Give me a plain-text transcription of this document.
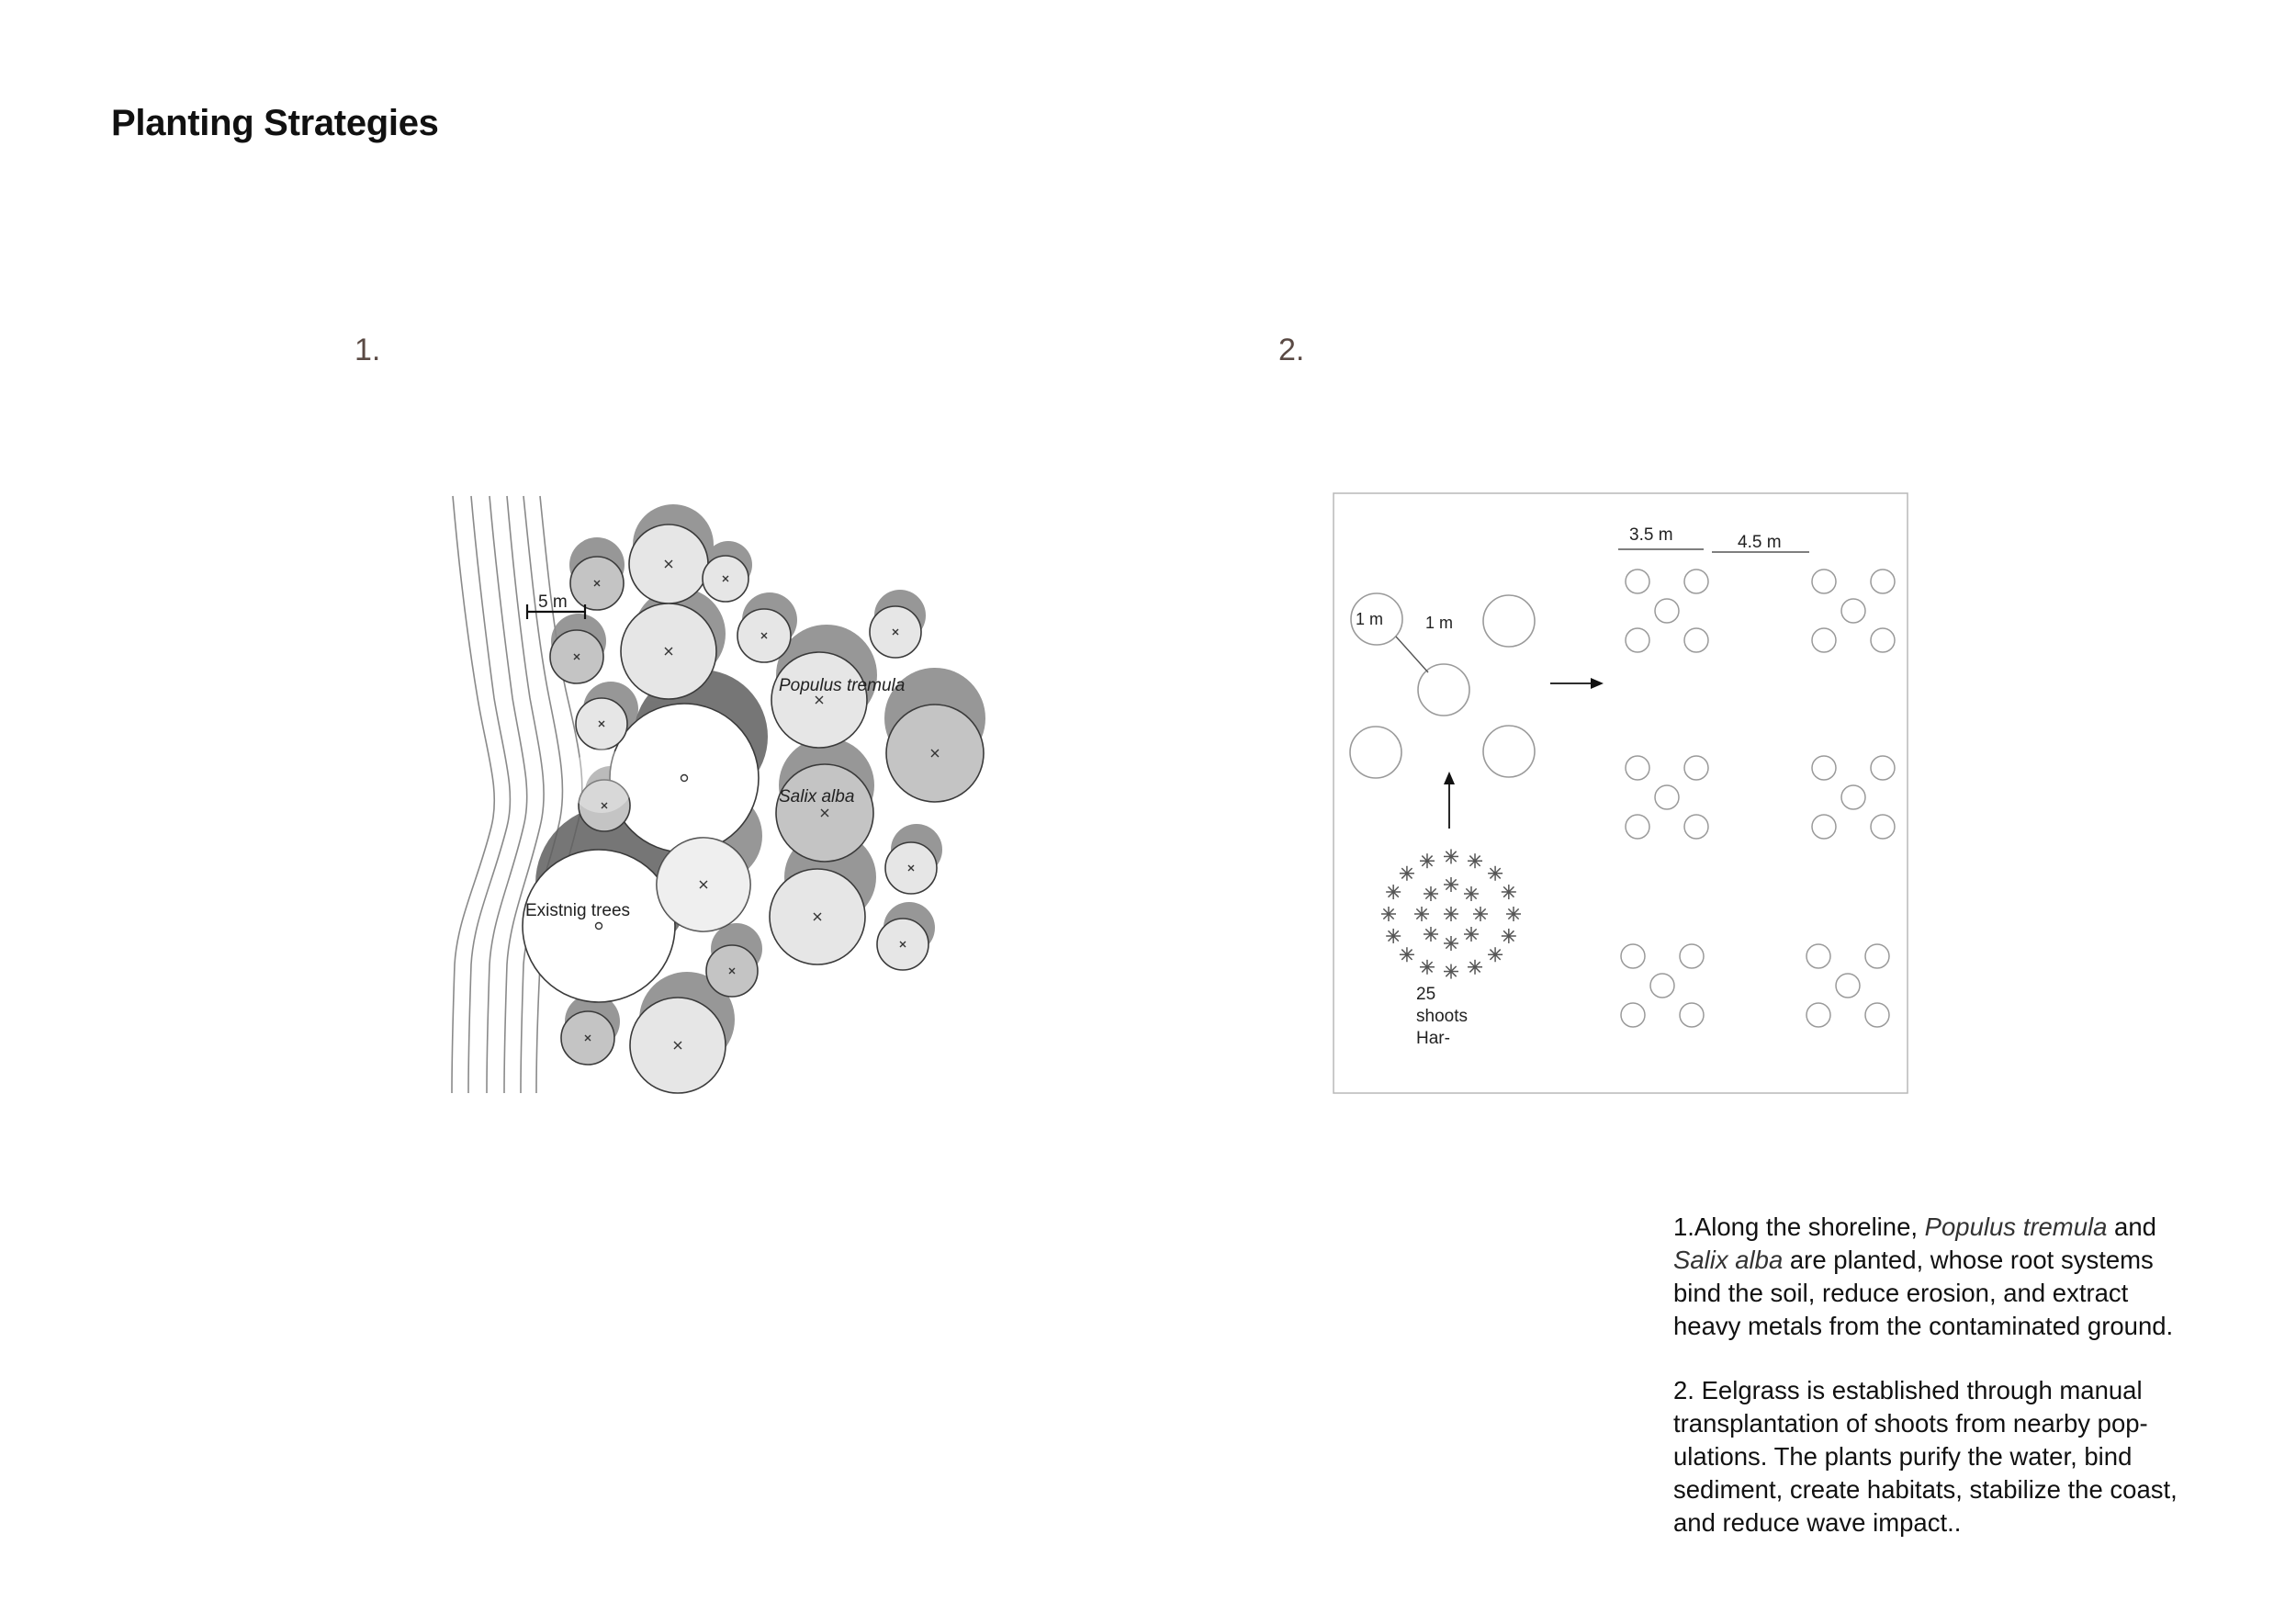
Planting Strategies
1.	2.
5 m
Populus tremula
Salix alba
Existnig trees
1 m	1 m
25
shoots
Har-
3.5 m	4.5 m
1.Along the shoreline, Populus tremula and
Salix alba are planted, whose root systems
bind the soil, reduce erosion, and extract
heavy metals from the contaminated ground.
2. Eelgrass is established through manual
transplantation of shoots from nearby pop-
ulations. The plants purify the water, bind
sediment, create habitats, stabilize the coast,
and reduce wave impact..
